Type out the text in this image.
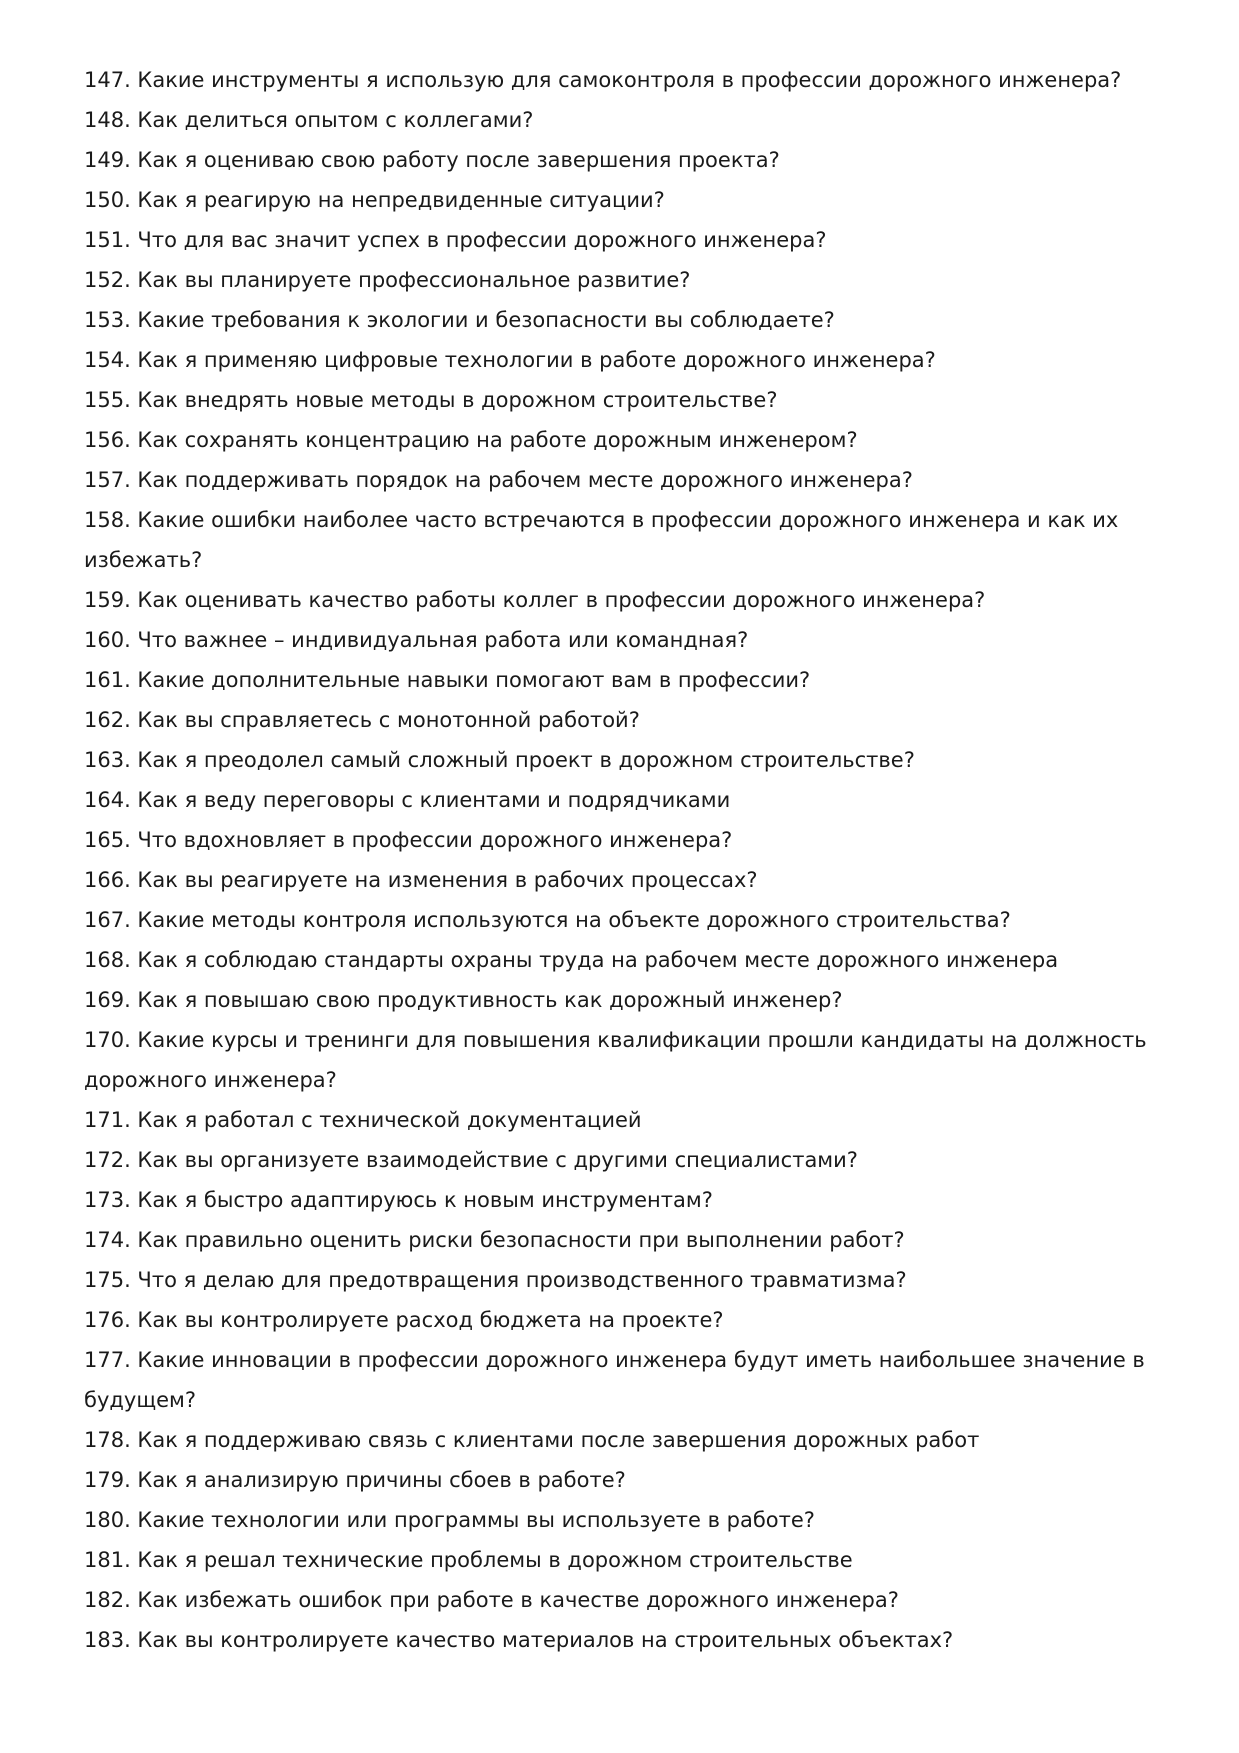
147. Какие инструменты я использую для самоконтроля в профессии дорожного инженера?

148. Как делиться опытом с коллегами?

149. Как я оцениваю свою работу после завершения проекта?

150. Как я реагирую на непредвиденные ситуации?

151. Что для вас значит успех в профессии дорожного инженера?

152. Как вы планируете профессиональное развитие?

153. Какие требования к экологии и безопасности вы соблюдаете?

154. Как я применяю цифровые технологии в работе дорожного инженера?

155. Как внедрять новые методы в дорожном строительстве?

156. Как сохранять концентрацию на работе дорожным инженером?

157. Как поддерживать порядок на рабочем месте дорожного инженера?

158. Какие ошибки наиболее часто встречаются в профессии дорожного инженера и как их избежать?

159. Как оценивать качество работы коллег в профессии дорожного инженера?

160. Что важнее – индивидуальная работа или командная?

161. Какие дополнительные навыки помогают вам в профессии?

162. Как вы справляетесь с монотонной работой?

163. Как я преодолел самый сложный проект в дорожном строительстве?

164. Как я веду переговоры с клиентами и подрядчиками

165. Что вдохновляет в профессии дорожного инженера?

166. Как вы реагируете на изменения в рабочих процессах?

167. Какие методы контроля используются на объекте дорожного строительства?

168. Как я соблюдаю стандарты охраны труда на рабочем месте дорожного инженера

169. Как я повышаю свою продуктивность как дорожный инженер?

170. Какие курсы и тренинги для повышения квалификации прошли кандидаты на должность дорожного инженера?

171. Как я работал с технической документацией

172. Как вы организуете взаимодействие с другими специалистами?

173. Как я быстро адаптируюсь к новым инструментам?

174. Как правильно оценить риски безопасности при выполнении работ?

175. Что я делаю для предотвращения производственного травматизма?

176. Как вы контролируете расход бюджета на проекте?

177. Какие инновации в профессии дорожного инженера будут иметь наибольшее значение в будущем?

178. Как я поддерживаю связь с клиентами после завершения дорожных работ

179. Как я анализирую причины сбоев в работе?

180. Какие технологии или программы вы используете в работе?

181. Как я решал технические проблемы в дорожном строительстве

182. Как избежать ошибок при работе в качестве дорожного инженера?

183. Как вы контролируете качество материалов на строительных объектах?
